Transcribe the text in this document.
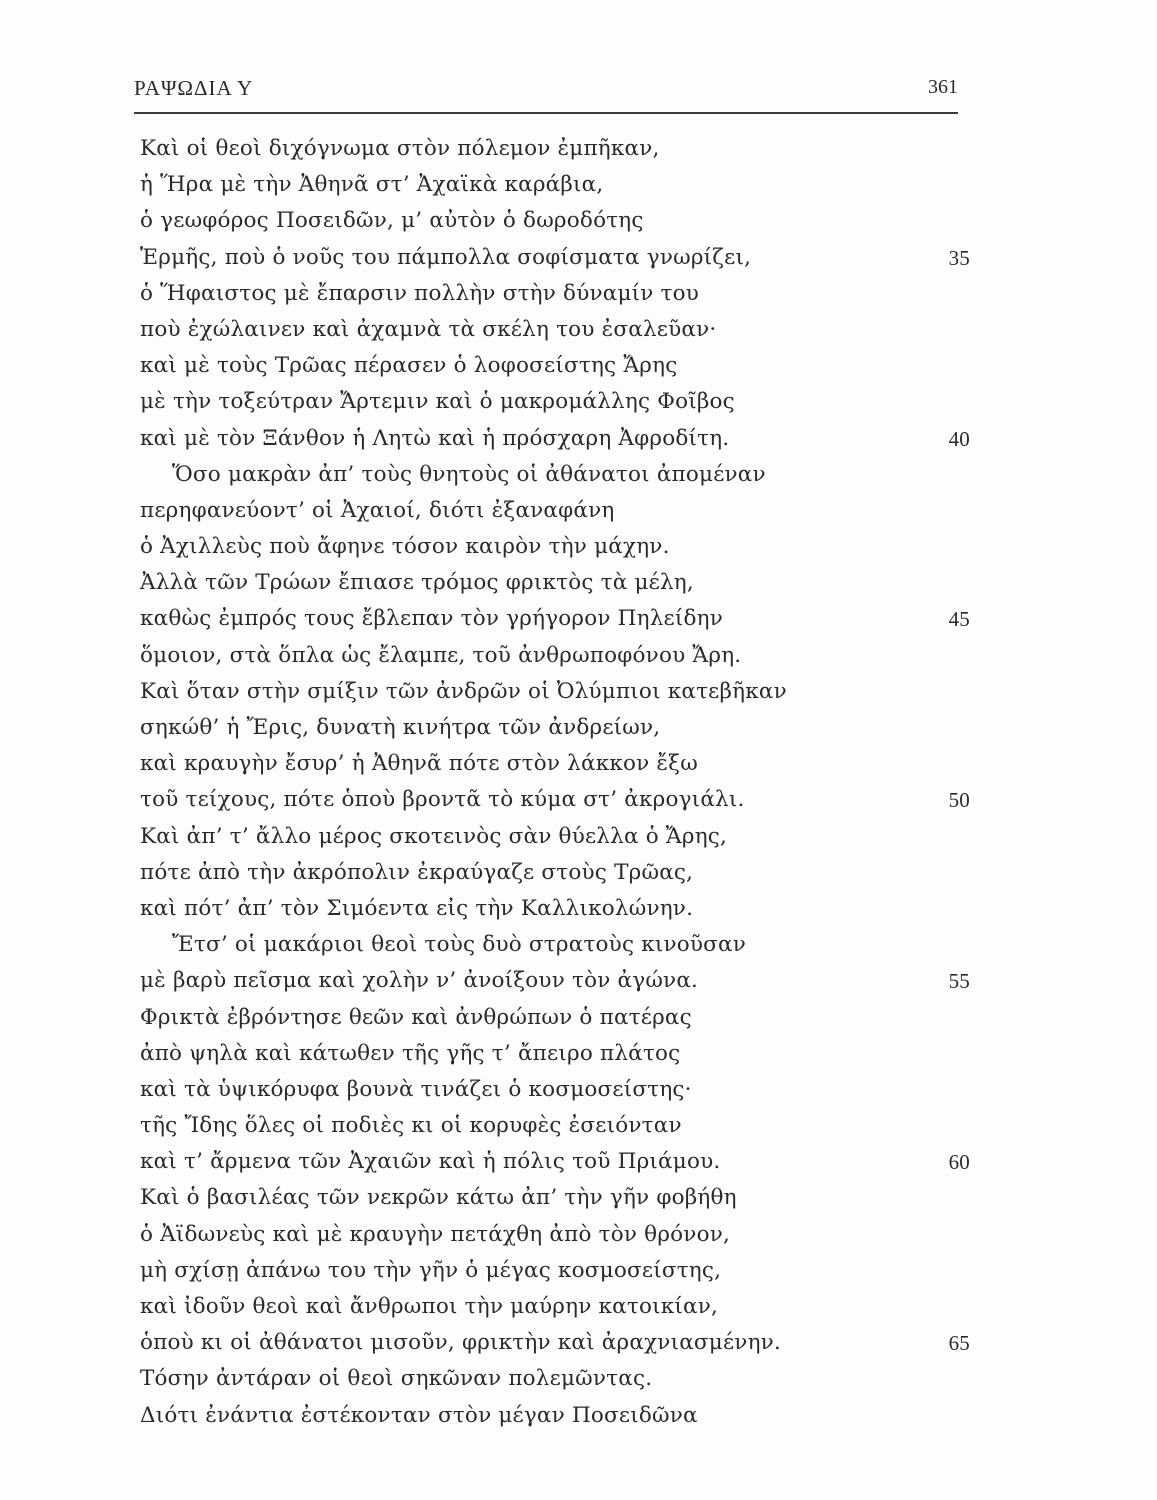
ΡΑΨΩΔΙΑ Υ	361
Καὶ οἱ θεοὶ διχόγνωμα στὸν πόλεμον ἐμπῆκαν,
ἡ Ἥρα μὲ τὴν Ἀθηνᾶ στ’ Ἀχαϊκὰ καράβια,
ὁ γεωφόρος Ποσειδῶν, μ’ αὐτὸν ὁ δωροδότης
Ἑρμῆς, ποὺ ὁ νοῦς του πάμπολλα σοφίσματα γνωρίζει,	35
ὁ Ἥφαιστος μὲ ἔπαρσιν πολλὴν στὴν δύναμίν του
ποὺ ἐχώλαινεν καὶ ἀχαμνὰ τὰ σκέλη του ἐσαλεῦαν·
καὶ μὲ τοὺς Τρῶας πέρασεν ὁ λοφοσείστης Ἄρης
μὲ τὴν τοξεύτραν Ἄρτεμιν καὶ ὁ μακρομάλλης Φοῖβος
καὶ μὲ τὸν Ξάνθον ἡ Λητὼ καὶ ἡ πρόσχαρη Ἀφροδίτη.	40
Ὅσο μακρὰν ἀπ’ τοὺς θνητοὺς οἱ ἀθάνατοι ἀπομέναν
περηφανεύοντ’ οἱ Ἀχαιοί, διότι ἐξαναφάνη
ὁ Ἀχιλλεὺς ποὺ ἄφηνε τόσον καιρὸν τὴν μάχην.
Ἀλλὰ τῶν Τρώων ἔπιασε τρόμος φρικτὸς τὰ μέλη,
καθὼς ἐμπρός τους ἔβλεπαν τὸν γρήγορον Πηλείδην	45
ὅμοιον, στὰ ὅπλα ὡς ἔλαμπε, τοῦ ἀνθρωποφόνου Ἄρη.
Καὶ ὅταν στὴν σμίξιν τῶν ἀνδρῶν οἱ Ὀλύμπιοι κατεβῆκαν
σηκώθ’ ἡ Ἔρις, δυνατὴ κινήτρα τῶν ἀνδρείων,
καὶ κραυγὴν ἔσυρ’ ἡ Ἀθηνᾶ πότε στὸν λάκκον ἔξω
τοῦ τείχους, πότε ὁποὺ βροντᾶ τὸ κύμα στ’ ἀκρογιάλι.	50
Καὶ ἀπ’ τ’ ἄλλο μέρος σκοτεινὸς σὰν θύελλα ὁ Ἄρης,
πότε ἀπὸ τὴν ἀκρόπολιν ἐκραύγαζε στοὺς Τρῶας,
καὶ πότ’ ἀπ’ τὸν Σιμόεντα εἰς τὴν Καλλικολώνην.
Ἔτσ’ οἱ μακάριοι θεοὶ τοὺς δυὸ στρατοὺς κινοῦσαν
μὲ βαρὺ πεῖσμα καὶ χολὴν ν’ ἀνοίξουν τὸν ἀγώνα.	55
Φρικτὰ ἐβρόντησε θεῶν καὶ ἀνθρώπων ὁ πατέρας
ἀπὸ ψηλὰ καὶ κάτωθεν τῆς γῆς τ’ ἄπειρο πλάτος
καὶ τὰ ὑψικόρυφα βουνὰ τινάζει ὁ κοσμοσείστης·
τῆς Ἴδης ὅλες οἱ ποδιὲς κι οἱ κορυφὲς ἐσειόνταν
καὶ τ’ ἄρμενα τῶν Ἀχαιῶν καὶ ἡ πόλις τοῦ Πριάμου.	60
Καὶ ὁ βασιλέας τῶν νεκρῶν κάτω ἀπ’ τὴν γῆν φοβήθη
ὁ Ἀϊδωνεὺς καὶ μὲ κραυγὴν πετάχθη ἀπὸ τὸν θρόνον,
μὴ σχίσῃ ἀπάνω του τὴν γῆν ὁ μέγας κοσμοσείστης,
καὶ ἰδοῦν θεοὶ καὶ ἄνθρωποι τὴν μαύρην κατοικίαν,
ὁποὺ κι οἱ ἀθάνατοι μισοῦν, φρικτὴν καὶ ἀραχνιασμένην.	65
Τόσην ἀντάραν οἱ θεοὶ σηκῶναν πολεμῶντας.
Διότι ἐνάντια ἐστέκονταν στὸν μέγαν Ποσειδῶνα
